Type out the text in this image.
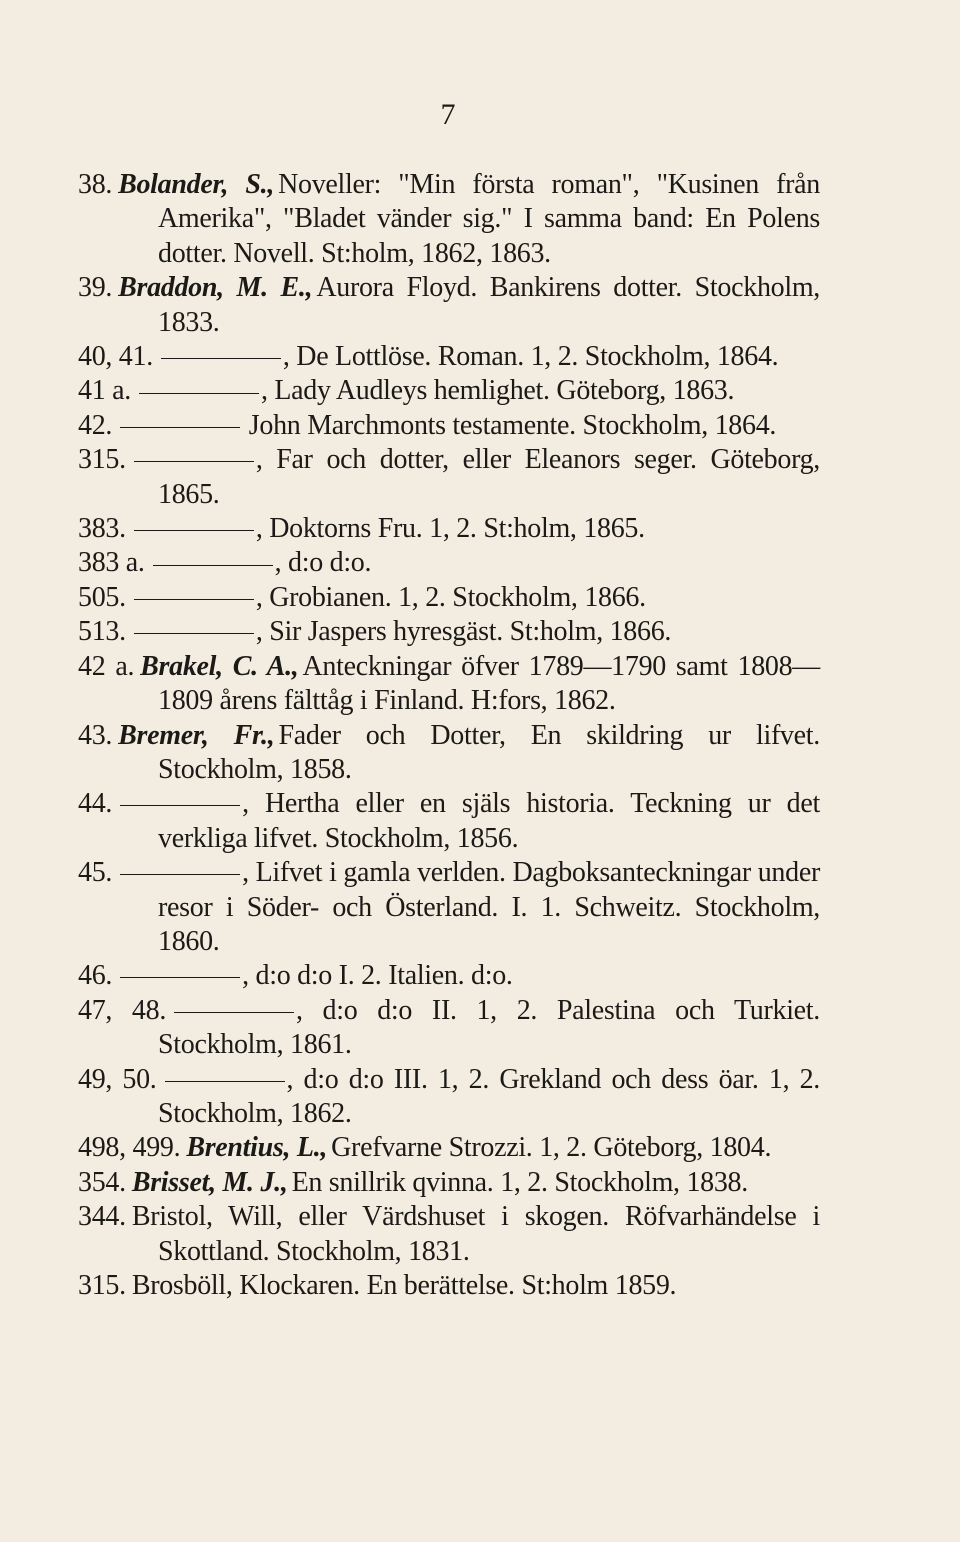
7
38. Bolander, S., Noveller: "Min första roman", "Kusinen från Amerika", "Bladet vänder sig." I samma band: En Polens dotter. Novell. St:holm, 1862, 1863.
39. Braddon, M. E., Aurora Floyd. Bankirens dotter. Stockholm, 1833.
40, 41.	, De Lottlöse. Roman. 1, 2. Stockholm, 1864.
41 a.	, Lady Audleys hemlighet. Göteborg, 1863.
42.	John Marchmonts testamente. Stockholm, 1864.
315.	, Far och dotter, eller Eleanors seger. Göteborg, 1865.
383.	, Doktorns Fru. 1, 2. St:holm, 1865.
383 a.	, d:o d:o.
505.	, Grobianen. 1, 2. Stockholm, 1866.
513.	, Sir Jaspers hyresgäst. St:holm, 1866.
42 a. Brakel, C. A., Anteckningar öfver 1789—1790 samt 1808—1809 årens fälttåg i Finland. H:fors, 1862.
43. Bremer, Fr., Fader och Dotter, En skildring ur lifvet. Stockholm, 1858.
44.	, Hertha eller en själs historia. Teckning ur det verkliga lifvet. Stockholm, 1856.
45.	, Lifvet i gamla verlden. Dagboksanteckningar under resor i Söder- och Österland. I. 1. Schweitz. Stockholm, 1860.
46.	, d:o d:o I. 2. Italien. d:o.
47, 48.	, d:o d:o II. 1, 2. Palestina och Turkiet. Stockholm, 1861.
49, 50.	, d:o d:o III. 1, 2. Grekland och dess öar. 1, 2. Stockholm, 1862.
498, 499. Brentius, L., Grefvarne Strozzi. 1, 2. Göteborg, 1804.
354. Brisset, M. J., En snillrik qvinna. 1, 2. Stockholm, 1838.
344. Bristol, Will, eller Värdshuset i skogen. Röfvarhändelse i Skottland. Stockholm, 1831.
315. Brosböll, Klockaren. En berättelse. St:holm 1859.
